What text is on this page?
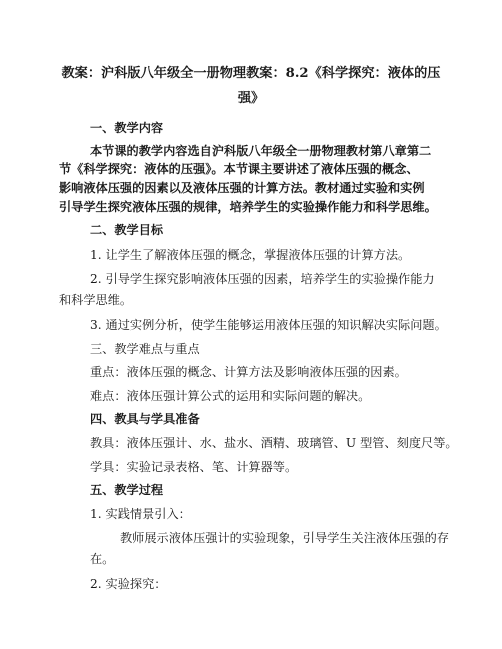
教案：沪科版八年级全一册物理教案：8.2《科学探究：液体的压
强》
一、教学内容
本节课的教学内容选自沪科版八年级全一册物理教材第八章第二
节《科学探究：液体的压强》。本节课主要讲述了液体压强的概念、
影响液体压强的因素以及液体压强的计算方法。教材通过实验和实例
引导学生探究液体压强的规律，培养学生的实验操作能力和科学思维。
二、教学目标
1. 让学生了解液体压强的概念，掌握液体压强的计算方法。
2. 引导学生探究影响液体压强的因素，培养学生的实验操作能力
和科学思维。
3. 通过实例分析，使学生能够运用液体压强的知识解决实际问题。
三、教学难点与重点
重点：液体压强的概念、计算方法及影响液体压强的因素。
难点：液体压强计算公式的运用和实际问题的解决。
四、教具与学具准备
教具：液体压强计、水、盐水、酒精、玻璃管、U 型管、刻度尺等。
学具：实验记录表格、笔、计算器等。
五、教学过程
1. 实践情景引入：
教师展示液体压强计的实验现象，引导学生关注液体压强的存
在。
2. 实验探究：
